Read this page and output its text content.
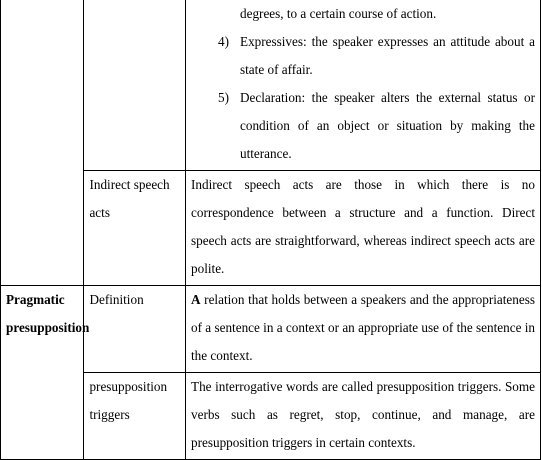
		degrees, to a certain course of action.
4) Expressives: the speaker expresses an attitude about a state of affair.
5) Declaration: the speaker alters the external status or condition of an object or situation by making the utterance.

	Indirect speech acts	Indirect speech acts are those in which there is no correspondence between a structure and a function. Direct speech acts are straightforward, whereas indirect speech acts are polite.

Pragmatic presupposition	Definition	A relation that holds between a speakers and the appropriateness of a sentence in a context or an appropriate use of the sentence in the context.

	presupposition triggers	The interrogative words are called presupposition triggers. Some verbs such as regret, stop, continue, and manage, are presupposition triggers in certain contexts.
